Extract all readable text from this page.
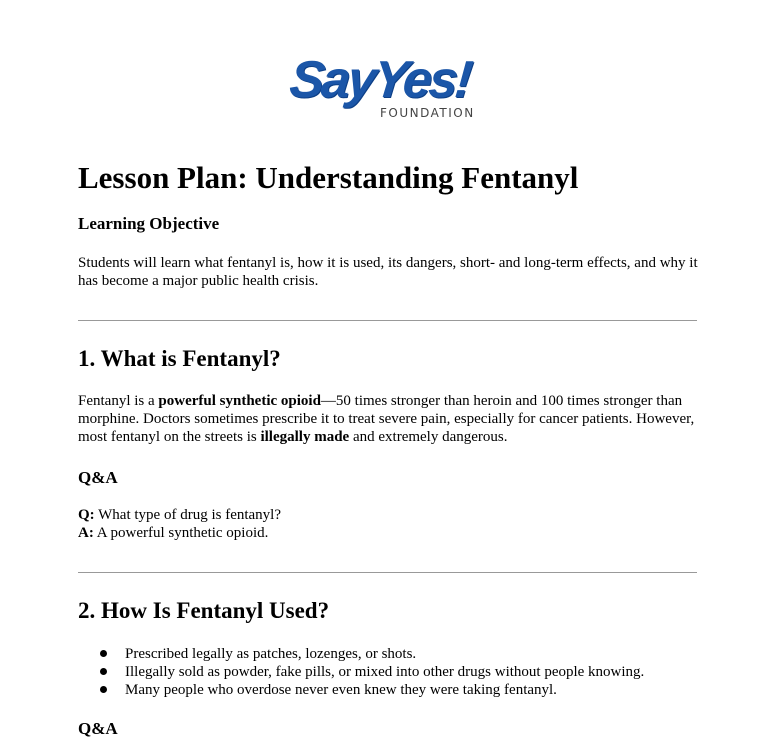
SayYes!
FOUNDATION
Lesson Plan: Understanding Fentanyl
Learning Objective

Students will learn what fentanyl is, how it is used, its dangers, short- and long-term effects, and why it has become a major public health crisis.

1. What is Fentanyl?

Fentanyl is a powerful synthetic opioid—50 times stronger than heroin and 100 times stronger than morphine. Doctors sometimes prescribe it to treat severe pain, especially for cancer patients. However, most fentanyl on the streets is illegally made and extremely dangerous.

Q&A

Q: What type of drug is fentanyl?

A: A powerful synthetic opioid.

2. How Is Fentanyl Used?
Prescribed legally as patches, lozenges, or shots.
Illegally sold as powder, fake pills, or mixed into other drugs without people knowing.
Many people who overdose never even knew they were taking fentanyl.
Q&A
